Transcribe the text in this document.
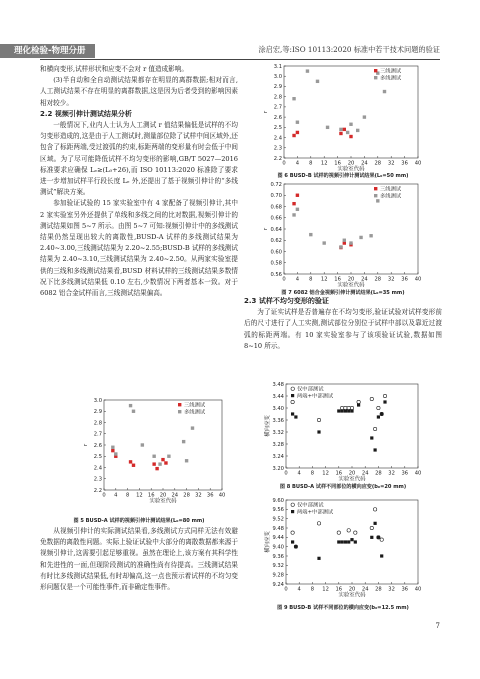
理化检验-物理分册	涂启宏,等:ISO 10113:2020 标准中若干技术问题的验证

和横向变形,试样形状和应变不会对 r 值造成影响。

(3)半自动和全自动测试结果都存在明显的离群数据;相对而言,人工测试结果不存在明显的离群数据,这是因为后者受到的影响因素相对较少。

2.2 视频引伸计测试结果分析

一般情况下,业内人士认为人工测试 r 值结果偏低是试样的不均匀变形造成的,这是由于人工测试时,测量部位除了试样中间区域外,还包含了标距两端,受过渡弧的约束,标距两端的变形量有时会低于中间区域。为了尽可能降低试样不均匀变形的影响,GB/T 5027—2016 标准要求应确保 Lₑ≥(L₀+26),而 ISO 10113:2020 标准除了要求进一步增加试样平行段长度 Lₑ 外,还提出了基于视频引伸计的“多线测试”解决方案。

参加验证试验的 15 家实验室中有 4 家配备了视频引伸计,其中 2 家实验室另外还提供了单线和多线之间的比对数据,视频引伸计的测试结果如图 5~7 所示。由图 5~7 可知:视频引伸计中的多线测试结果仍然呈现出较大的离散性,BUSD-A 试样的多线测试结果为 2.40~3.00,三线测试结果为 2.20~2.55;BUSD-B 试样的多线测试结果为 2.40~3.10,三线测试结果为 2.40~2.50。从两家实验室提供的三线和多线测试结果看,BUSD 材料试样的三线测试结果多数情况下比多线测试结果低 0.10 左右,少数情况下两者基本一致。对于 6082 铝合金试样而言,三线测试结果偏高。

0 4 8 12 16 20 24 28 32 36 40
2.2
2.3
2.4
2.5
2.6
2.7
2.8
2.9
3.0
实验室代码
r
三线测试
多线测试
图 5 BUSD-A 试样的视频引伸计测试结果(L₀=80 mm)

从视频引伸计的实际测试结果看,多线测试方式同样无法有效避免数据的离散性问题。实际上验证试验中大部分的离散数据都来源于视频引伸计,这需要引起足够重视。虽然在理论上,该方案有其科学性和先进性的一面,但现阶段测试的准确性尚有待提高。三线测试结果有时比多线测试结果低,有时却偏高,这一点也预示着试样的不均匀变形问题仅是一个可能性事件,而非确定性事件。

0 4 8 12 16 20 24 28 32 36 40
2.2
2.3
2.4
2.5
2.6
2.7
2.8
2.9
3.0
3.1
实验室代码
r
三线测试
多线测试
图 6 BUSD-B 试样的视频引伸计测试结果(L₀=50 mm)
0 4 8 12 16 20 24 28 32 36 40
0.56
0.58
0.60
0.62
0.64
0.66
0.68
0.70
0.72
实验室代码
r
三线测试
多线测试
图 7 6082 铝合金视频引伸计测试结果(L₀=35 mm)

2.3 试样不均匀变形的验证

为了证实试样是否普遍存在不均匀变形,验证试验对试样变形前后的尺寸进行了人工实测,测试部位分别位于试样中部以及靠近过渡弧的标距两端。有 10 家实验室参与了该项验证试验,数据如图 8~10 所示。

0 4 8 12 16 20 24 28 32 36 40
3.20
3.24
3.28
3.32
3.36
3.40
3.44
3.48
实验室代码
横向应变
仅中部测试
两端+中部测试
图 8 BUSD-A 试样不同部位的横向应变(b₀=20 mm)
0 4 8 12 16 20 24 28 32 36 40
9.24
9.28
9.32
9.36
9.40
9.44
9.48
9.52
9.56
9.60
实验室代码
横向应变
仅中部测试
两端+中部测试
图 9 BUSD-B 试样不同部位的横向应变(b₀=12.5 mm)
7
